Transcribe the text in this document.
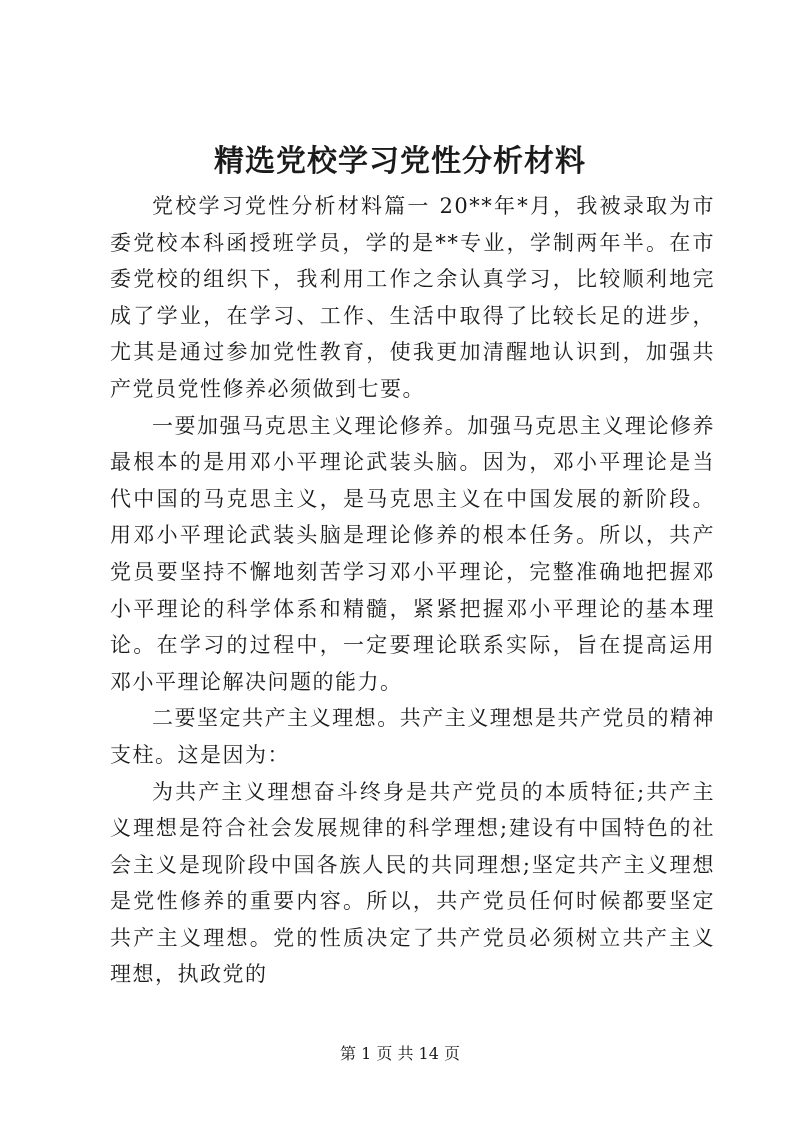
精选党校学习党性分析材料

党校学习党性分析材料篇一 20**年*月，我被录取为市委党校本科函授班学员，学的是**专业，学制两年半。在市委党校的组织下，我利用工作之余认真学习，比较顺利地完成了学业，在学习、工作、生活中取得了比较长足的进步，尤其是通过参加党性教育，使我更加清醒地认识到，加强共产党员党性修养必须做到七要。

一要加强马克思主义理论修养。加强马克思主义理论修养最根本的是用邓小平理论武装头脑。因为，邓小平理论是当代中国的马克思主义，是马克思主义在中国发展的新阶段。用邓小平理论武装头脑是理论修养的根本任务。所以，共产党员要坚持不懈地刻苦学习邓小平理论，完整准确地把握邓小平理论的科学体系和精髓，紧紧把握邓小平理论的基本理论。在学习的过程中，一定要理论联系实际，旨在提高运用邓小平理论解决问题的能力。

二要坚定共产主义理想。共产主义理想是共产党员的精神支柱。这是因为：

为共产主义理想奋斗终身是共产党员的本质特征;共产主义理想是符合社会发展规律的科学理想;建设有中国特色的社会主义是现阶段中国各族人民的共同理想;坚定共产主义理想是党性修养的重要内容。所以，共产党员任何时候都要坚定共产主义理想。党的性质决定了共产党员必须树立共产主义理想，执政党的

第 1 页 共 14 页
